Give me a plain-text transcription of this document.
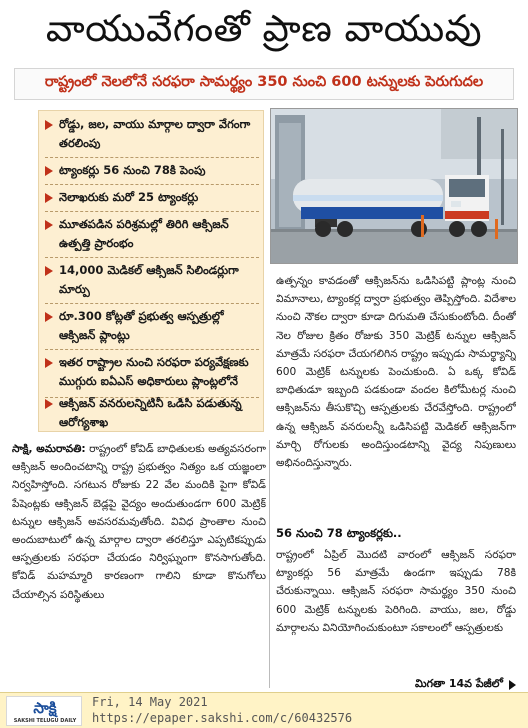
వాయువేగంతో ప్రాణ వాయువు
రాష్ట్రంలో నెలలోనే సరఫరా సామర్థ్యం 350 నుంచి 600 టన్నులకు పెరుగుదల
రోడ్డు, జల, వాయు మార్గాల ద్వారా వేగంగా తరలింపు
ట్యాంకర్లు 56 నుంచి 78కి పెంపు
నెలాఖరుకు మరో 25 ట్యాంకర్లు
మూతపడిన పరిశ్రమల్లో తిరిగి ఆక్సిజన్ ఉత్పత్తి ప్రారంభం
14,000 మెడికల్ ఆక్సిజన్ సిలిండర్లుగా మార్పు
రూ.300 కోట్లతో ప్రభుత్వ ఆస్పత్రుల్లో ఆక్సిజన్ ప్లాంట్లు
ఇతర రాష్ట్రాల నుంచి సరఫరా పర్యవేక్షణకు ముగ్గురు ఐఏఎస్ అధికారులు ప్లాంట్లలోనే
ఆక్సిజన్ వనరులన్నిటినీ ఒడిసి పడుతున్న ఆరోగ్యశాఖ
ఉత్పన్నం కావడంతో ఆక్సిజన్‌ను ఒడిసిపట్టి ప్లాంట్ల నుంచి విమానాలు, ట్యాంకర్ల ద్వారా ప్రభుత్వం తెప్పిస్తోంది. విదేశాల నుంచి నౌకల ద్వారా కూడా దిగుమతి చేసుకుంటోంది. దీంతో నెల రోజుల క్రితం రోజుకు 350 మెట్రిక్ టన్నుల ఆక్సిజన్ మాత్రమే సరఫరా చేయగలిగిన రాష్ట్రం ఇప్పుడు సామర్థ్యాన్ని 600 మెట్రిక్ టన్నులకు పెంచుకుంది. ఏ ఒక్క కోవిడ్ బాధితుడూ ఇబ్బంది పడకుండా వందల కిలోమీటర్ల నుంచి ఆక్సిజన్‌ను తీసుకొచ్చి ఆస్పత్రులకు చేరవేస్తోంది. రాష్ట్రంలో ఉన్న ఆక్సిజన్ వనరులన్నీ ఒడిసిపట్టి మెడికల్ ఆక్సిజన్‌గా మార్చి రోగులకు అందిస్తుండటాన్ని వైద్య నిపుణులు అభినందిస్తున్నారు.
56 నుంచి 78 ట్యాంకర్లకు..
రాష్ట్రంలో ఏప్రిల్ మొదటి వారంలో ఆక్సిజన్ సరఫరా ట్యాంకర్లు 56 మాత్రమే ఉండగా ఇప్పుడు 78కి చేరుకున్నాయి. ఆక్సిజన్ సరఫరా సామర్థ్యం 350 నుంచి 600 మెట్రిక్ టన్నులకు పెరిగింది. వాయు, జల, రోడ్డు మార్గాలను వినియోగించుకుంటూ సకాలంలో ఆస్పత్రులకు
మిగతా 14వ పేజీలో
సాక్షి, అమరావతి: రాష్ట్రంలో కోవిడ్ బాధితులకు అత్యవసరంగా ఆక్సిజన్ అందించటాన్ని రాష్ట్ర ప్రభుత్వం నిత్యం ఒక యజ్ఞంలా నిర్వహిస్తోంది. సగటున రోజుకు 22 వేల మందికి పైగా కోవిడ్ పేషెంట్లకు ఆక్సిజన్ బెడ్లపై వైద్యం అందుతుండగా 600 మెట్రిక్ టన్నుల ఆక్సిజన్ అవసరమవుతోంది. వివిధ ప్రాంతాల నుంచి అందుబాటులో ఉన్న మార్గాల ద్వారా తరలిస్తూ ఎప్పటికప్పుడు ఆస్పత్రులకు సరఫరా చేయడం నిర్విఘ్నంగా కొనసాగుతోంది. కోవిడ్ మహమ్మారి కారణంగా గాలిని కూడా కొనుగోలు చేయాల్సిన పరిస్థితులు
సాక్షి
SAKSHI TELUGU DAILY
Fri, 14 May 2021
https://epaper.sakshi.com/c/60432576
